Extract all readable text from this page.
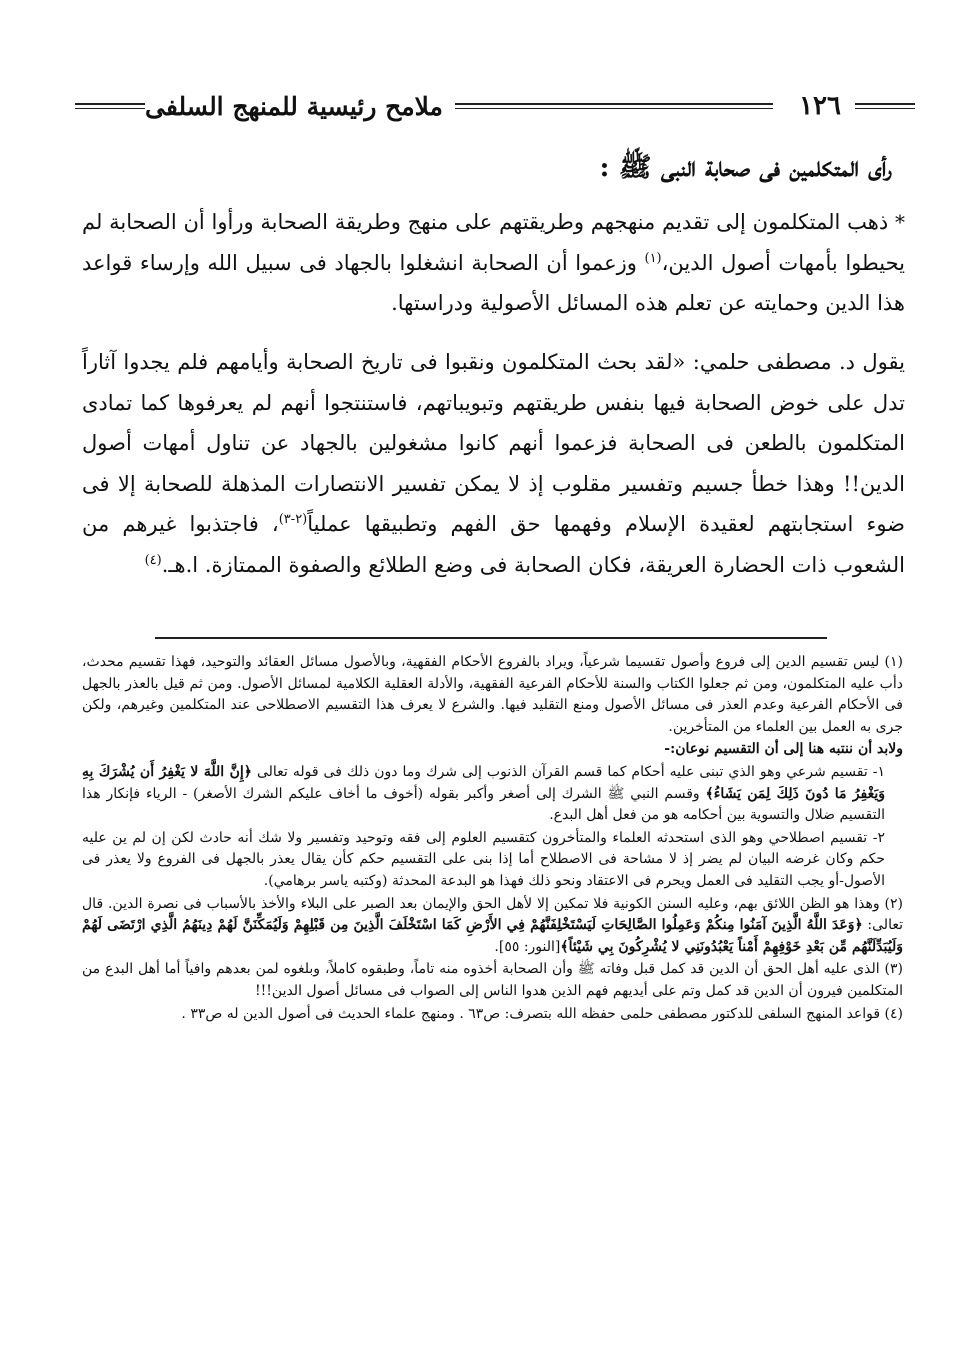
ملامح رئيسية للمنهج السلفى	١٢٦
رأى المتكلمين فى صحابة النبى ﷺ :

* ذهب المتكلمون إلى تقديم منهجهم وطريقتهم على منهج وطريقة الصحابة ورأوا أن الصحابة لم يحيطوا بأمهات أصول الدين،$^{(١)}$ وزعموا أن الصحابة انشغلوا بالجهاد فى سبيل الله وإرساء قواعد هذا الدين وحمايته عن تعلم هذه المسائل الأصولية ودراستها.

يقول د. مصطفى حلمي: «لقد بحث المتكلمون ونقبوا فى تاريخ الصحابة وأيامهم فلم يجدوا آثاراً تدل على خوض الصحابة فيها بنفس طريقتهم وتبويباتهم، فاستنتجوا أنهم لم يعرفوها كما تمادى المتكلمون بالطعن فى الصحابة فزعموا أنهم كانوا مشغولين بالجهاد عن تناول أمهات أصول الدين!! وهذا خطأ جسيم وتفسير مقلوب إذ لا يمكن تفسير الانتصارات المذهلة للصحابة إلا فى ضوء استجابتهم لعقيدة الإسلام وفهمها حق الفهم وتطبيقها عملياً$^{(٢-٣)}$، فاجتذبوا غيرهم من الشعوب ذات الحضارة العريقة، فكان الصحابة فى وضع الطلائع والصفوة الممتازة. ا.هـ.$^{(٤)}$

(١) ليس تقسيم الدين إلى فروع وأصول تقسيما شرعياً، ويراد بالفروع الأحكام الفقهية، وبالأصول مسائل العقائد والتوحيد، فهذا تقسيم محدث، دأب عليه المتكلمون، ومن ثم جعلوا الكتاب والسنة للأحكام الفرعية الفقهية، والأدلة العقلية الكلامية لمسائل الأصول. ومن ثم قيل بالعذر بالجهل فى الأحكام الفرعية وعدم العذر فى مسائل الأصول ومنع التقليد فيها. والشرع لا يعرف هذا التقسيم الاصطلاحى عند المتكلمين وغيرهم، ولكن جرى به العمل بين العلماء من المتأخرين.

ولابد أن ننتبه هنا إلى أن التقسيم نوعان:-

١- تقسيم شرعي وهو الذي تبنى عليه أحكام كما قسم القرآن الذنوب إلى شرك وما دون ذلك فى قوله تعالى ﴿إِنَّ اللَّهَ لا يَغْفِرُ أَن يُشْرَكَ بِهِ وَيَغْفِرُ مَا دُونَ ذَلِكَ لِمَن يَشَاءُ﴾ وقسم النبي ﷺ الشرك إلى أصغر وأكبر بقوله (أخوف ما أخاف عليكم الشرك الأصغر) - الرياء فإنكار هذا التقسيم ضلال والتسوية بين أحكامه هو من فعل أهل البدع.

٢- تقسيم اصطلاحي وهو الذى استحدثه العلماء والمتأخرون كتقسيم العلوم إلى فقه وتوحيد وتفسير ولا شك أنه حادث لكن إن لم ين عليه حكم وكان غرضه البيان لم يضر إذ لا مشاحة فى الاصطلاح أما إذا بنى على التقسيم حكم كأن يقال يعذر بالجهل فى الفروع ولا يعذر فى الأصول-أو يجب التقليد فى العمل ويحرم فى الاعتقاد ونحو ذلك فهذا هو البدعة المحدثة (وكتبه ياسر برهامي).

(٢) وهذا هو الظن اللائق بهم، وعليه السنن الكونية فلا تمكين إلا لأهل الحق والإيمان بعد الصبر على البلاء والأخذ بالأسباب فى نصرة الدين. قال تعالى: ﴿وَعَدَ اللَّهُ الَّذِينَ آمَنُوا مِنكُمْ وَعَمِلُوا الصَّالِحَاتِ لَيَسْتَخْلِفَنَّهُمْ فِي الأَرْضِ كَمَا اسْتَخْلَفَ الَّذِينَ مِن قَبْلِهِمْ وَلَيُمَكِّنَنَّ لَهُمْ دِينَهُمُ الَّذِي ارْتَضَى لَهُمْ وَلَيُبَدِّلَنَّهُم مِّن بَعْدِ خَوْفِهِمْ أَمْناً يَعْبُدُونَنِي لا يُشْرِكُونَ بِي شَيْئاً﴾[النور: ٥٥].

(٣) الذى عليه أهل الحق أن الدين قد كمل قبل وفاته ﷺ وأن الصحابة أخذوه منه تاماً، وطبقوه كاملاً، وبلغوه لمن بعدهم وافياً أما أهل البدع من المتكلمين فيرون أن الدين قد كمل وتم على أيديهم فهم الذين هدوا الناس إلى الصواب فى مسائل أصول الدين!!!

(٤) قواعد المنهج السلفى للدكتور مصطفى حلمى حفظه الله بتصرف: ص٦٣ . ومنهج علماء الحديث فى أصول الدين له ص٣٣ .
